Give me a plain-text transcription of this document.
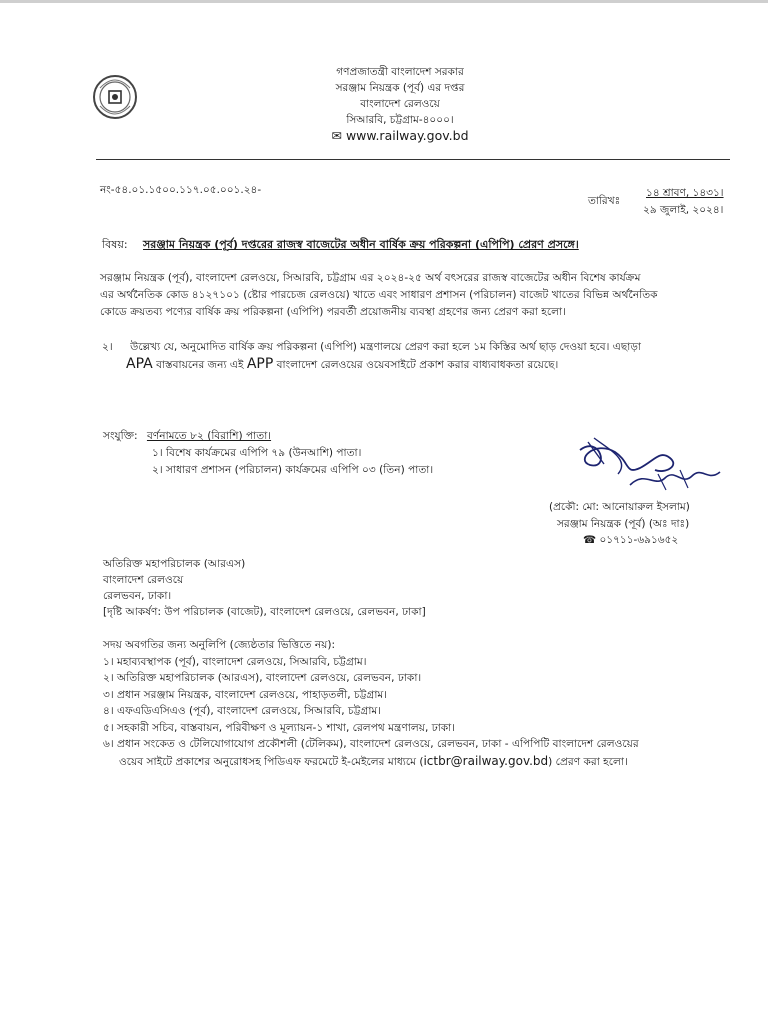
গণপ্রজাতন্ত্রী বাংলাদেশ সরকার
সরঞ্জাম নিয়ন্ত্রক (পূর্ব) এর দপ্তর
বাংলাদেশ রেলওয়ে
সিআরবি, চট্টগ্রাম-৪০০০।
✉ www.railway.gov.bd
নং-৫৪.০১.১৫০০.১১৭.০৫.০০১.২৪-
তারিখঃ
১৪ শ্রাবণ, ১৪৩১।
২৯ জুলাই, ২০২৪।
বিষয়: সরঞ্জাম নিয়ন্ত্রক (পূর্ব) দপ্তরের রাজস্ব বাজেটের অধীন বার্ষিক ক্রয় পরিকল্পনা (এপিপি) প্রেরণ প্রসঙ্গে।
সরঞ্জাম নিয়ন্ত্রক (পূর্ব), বাংলাদেশ রেলওয়ে, সিআরবি, চট্টগ্রাম এর ২০২৪-২৫ অর্থ বৎসরের রাজস্ব বাজেটের অধীন বিশেষ কার্যক্রম
এর অর্থনৈতিক কোড ৪১২৭১০১ (ষ্টোর পারচেজ রেলওয়ে) খাতে এবং সাধারণ প্রশাসন (পরিচালন) বাজেট খাতের বিভিন্ন অর্থনৈতিক
কোডে ক্রয়তব্য পণ্যের বার্ষিক ক্রয় পরিকল্পনা (এপিপি) পরবর্তী প্রয়োজনীয় ব্যবস্থা গ্রহণের জন্য প্রেরণ করা হলো।
২। উল্লেখ্য যে, অনুমোদিত বার্ষিক ক্রয় পরিকল্পনা (এপিপি) মন্ত্রণালয়ে প্রেরণ করা হলে ১ম কিস্তির অর্থ ছাড় দেওয়া হবে। এছাড়া
APA বাস্তবায়নের জন্য এই APP বাংলাদেশ রেলওয়ের ওয়েবসাইটে প্রকাশ করার বাধ্যবাধকতা রয়েছে।
সংযুক্তি: বর্ণনামতে ৮২ (বিরাশি) পাতা।
১। বিশেষ কার্যক্রমের এপিপি ৭৯ (উনআশি) পাতা।
২। সাধারণ প্রশাসন (পরিচালন) কার্যক্রমের এপিপি ০৩ (তিন) পাতা।
(প্রকৌ: মো: আনোয়ারুল ইসলাম)
সরঞ্জাম নিয়ন্ত্রক (পূর্ব) (অঃ দাঃ)
☎ ০১৭১১-৬৯১৬৫২
অতিরিক্ত মহাপরিচালক (আরএস)
বাংলাদেশ রেলওয়ে
রেলভবন, ঢাকা।
[দৃষ্টি আকর্ষণ: উপ পরিচালক (বাজেট), বাংলাদেশ রেলওয়ে, রেলভবন, ঢাকা]
সদয় অবগতির জন্য অনুলিপি (জ্যেষ্ঠতার ভিত্তিতে নয়):
১। মহাব্যবস্থাপক (পূর্ব), বাংলাদেশ রেলওয়ে, সিআরবি, চট্টগ্রাম।
২। অতিরিক্ত মহাপরিচালক (আরএস), বাংলাদেশ রেলওয়ে, রেলভবন, ঢাকা।
৩। প্রধান সরঞ্জাম নিয়ন্ত্রক, বাংলাদেশ রেলওয়ে, পাহাড়তলী, চট্টগ্রাম।
৪। এফএডিএসিএও (পূর্ব), বাংলাদেশ রেলওয়ে, সিআরবি, চট্টগ্রাম।
৫। সহকারী সচিব, বাস্তবায়ন, পরিবীক্ষণ ও মূল্যায়ন-১ শাখা, রেলপথ মন্ত্রণালয়, ঢাকা।
৬। প্রধান সংকেত ও টেলিযোগাযোগ প্রকৌশলী (টেলিকম), বাংলাদেশ রেলওয়ে, রেলভবন, ঢাকা - এপিপিটি বাংলাদেশ রেলওয়ের
ওয়েব সাইটে প্রকাশের অনুরোধসহ পিডিএফ ফরমেটে ই-মেইলের মাধ্যমে (ictbr@railway.gov.bd) প্রেরণ করা হলো।
